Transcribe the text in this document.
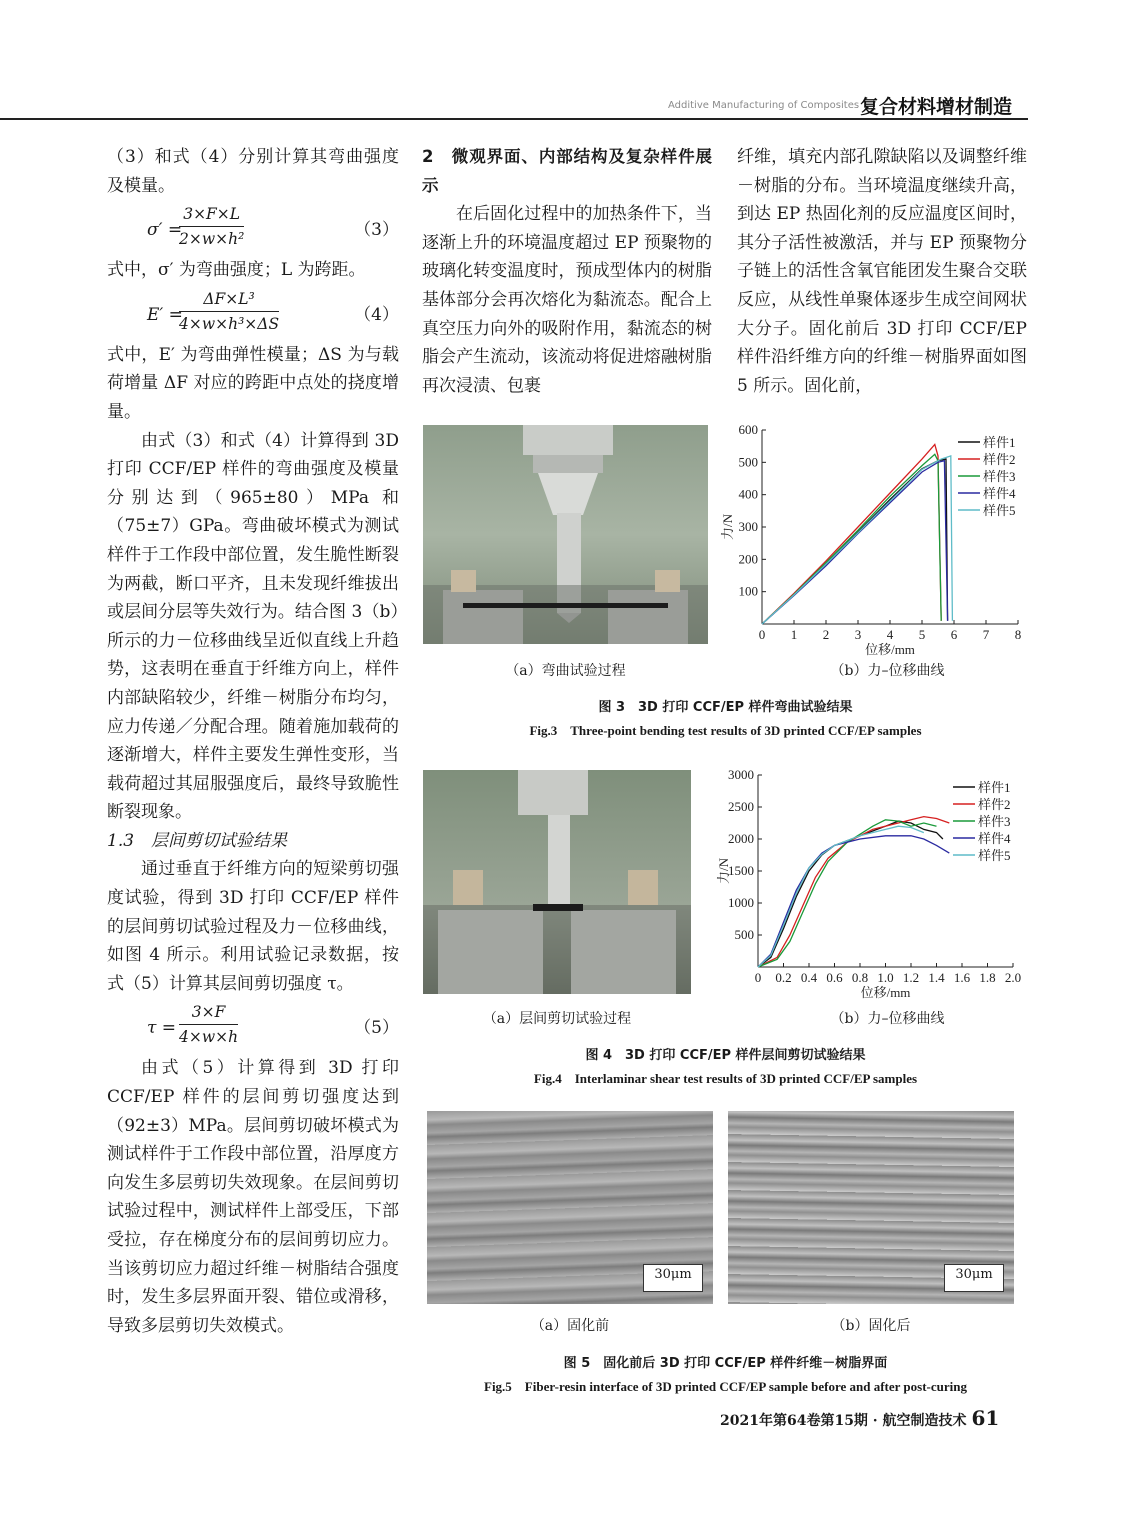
Additive Manufacturing of Composites 复合材料增材制造

（3）和式（4）分别计算其弯曲强度及模量。

σ′ =
$\frac{3\times F\times L}{\text{2×w×h²}}$	（3）

式中，σ′ 为弯曲强度；L 为跨距。

E′ =
$\frac{\text{ΔF×L³}}{\text{4×w×h³×ΔS}}$	（4）

式中，E′ 为弯曲弹性模量；ΔS 为与载荷增量 ΔF 对应的跨距中点处的挠度增量。

由式（3）和式（4）计算得到 3D 打印 CCF/EP 样件的弯曲强度及模量分别达到（965±80）MPa 和（75±7）GPa。弯曲破坏模式为测试样件于工作段中部位置，发生脆性断裂为两截，断口平齐，且未发现纤维拔出或层间分层等失效行为。结合图 3（b）所示的力－位移曲线呈近似直线上升趋势，这表明在垂直于纤维方向上，样件内部缺陷较少，纤维－树脂分布均匀，应力传递／分配合理。随着施加载荷的逐渐增大，样件主要发生弹性变形，当载荷超过其屈服强度后，最终导致脆性断裂现象。

1.3　层间剪切试验结果

通过垂直于纤维方向的短梁剪切强度试验，得到 3D 打印 CCF/EP 样件的层间剪切试验过程及力－位移曲线，如图 4 所示。利用试验记录数据，按式（5）计算其层间剪切强度 τ。

$\tau = \frac{3\times F}{4\times w\times h}$	（5）

由式（5）计算得到 3D 打印 CCF/EP 样件的层间剪切强度达到（92±3）MPa。层间剪切破坏模式为测试样件于工作段中部位置，沿厚度方向发生多层剪切失效现象。在层间剪切试验过程中，测试样件上部受压，下部受拉，存在梯度分布的层间剪切应力。当该剪切应力超过纤维－树脂结合强度时，发生多层界面开裂、错位或滑移，导致多层剪切失效模式。

2　微观界面、内部结构及复杂样件展示

在后固化过程中的加热条件下，当逐渐上升的环境温度超过 EP 预聚物的玻璃化转变温度时，预成型体内的树脂基体部分会再次熔化为黏流态。配合上真空压力向外的吸附作用，黏流态的树脂会产生流动，该流动将促进熔融树脂再次浸渍、包裹

纤维，填充内部孔隙缺陷以及调整纤维－树脂的分布。当环境温度继续升高，到达 EP 热固化剂的反应温度区间时，其分子活性被激活，并与 EP 预聚物分子链上的活性含氧官能团发生聚合交联反应，从线性单聚体逐步生成空间网状大分子。固化前后 3D 打印 CCF/EP 样件沿纤维方向的纤维－树脂界面如图 5 所示。固化前，

0 1 2 3 4 5 6 7 8
100
200
300
400
500
600
位移/mm
力/N
样件1
样件2
样件3
样件4
样件5
（a）弯曲试验过程	（b）力–位移曲线
图 3　3D 打印 CCF/EP 样件弯曲试验结果
Fig.3　Three-point bending test results of 3D printed CCF/EP samples
0 0.2 0.4 0.6 0.8 1.0 1.2 1.4 1.6 1.8 2.0
500
1000
1500
2000
2500
3000
位移/mm
力/N
样件1
样件2
样件3
样件4
样件5
（a）层间剪切试验过程	（b）力–位移曲线
图 4　3D 打印 CCF/EP 样件层间剪切试验结果
Fig.4　Interlaminar shear test results of 3D printed CCF/EP samples
30μm	30μm
（a）固化前	（b）固化后
图 5　固化前后 3D 打印 CCF/EP 样件纤维－树脂界面
Fig.5　Fiber-resin interface of 3D printed CCF/EP sample before and after post-curing
2021年第64卷第15期 · 航空制造技术 61
